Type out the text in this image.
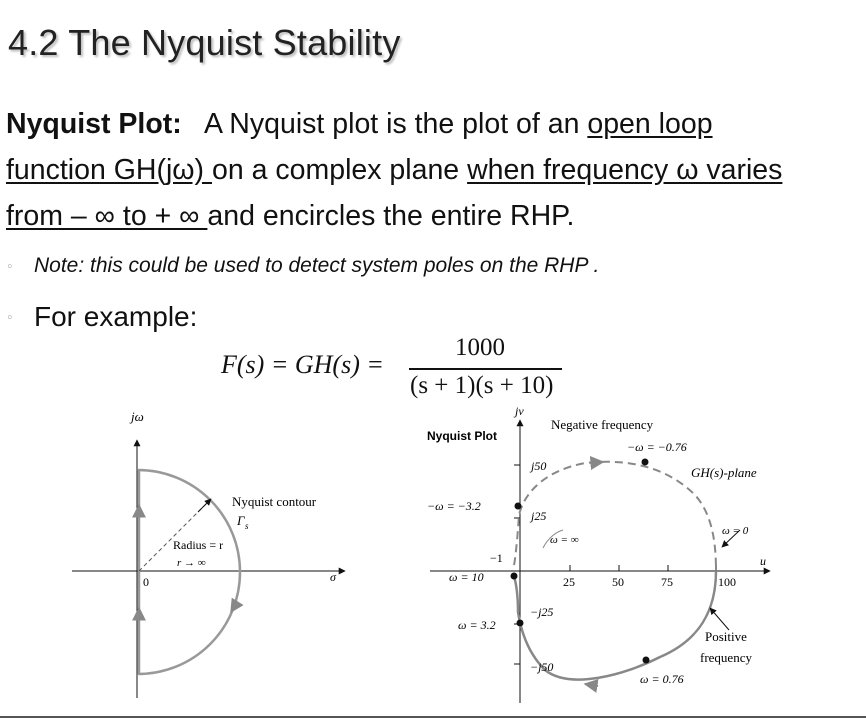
4.2 The Nyquist Stability
Nyquist Plot: A Nyquist plot is the plot of an open loop
function GH(jω) on a complex plane when frequency ω varies
from – ∞ to + ∞ and encircles the entire RHP.
◦ Note: this could be used to detect system poles on the RHP .
◦ For example:
F(s) = GH(s) =
1000
(s + 1)(s + 10)
jω
σ
0
Nyquist contour
Γ s
Radius = r
r → ∞
Nyquist Plot
jv
u
GH(s)-plane
Negative frequency
Positive
frequency
−ω = −0.76
−ω = −3.2
ω = ∞
ω = 0
ω = 10
ω = 3.2
ω = 0.76
j50
j25
−j25
−j50
−1
25	50	75	100
